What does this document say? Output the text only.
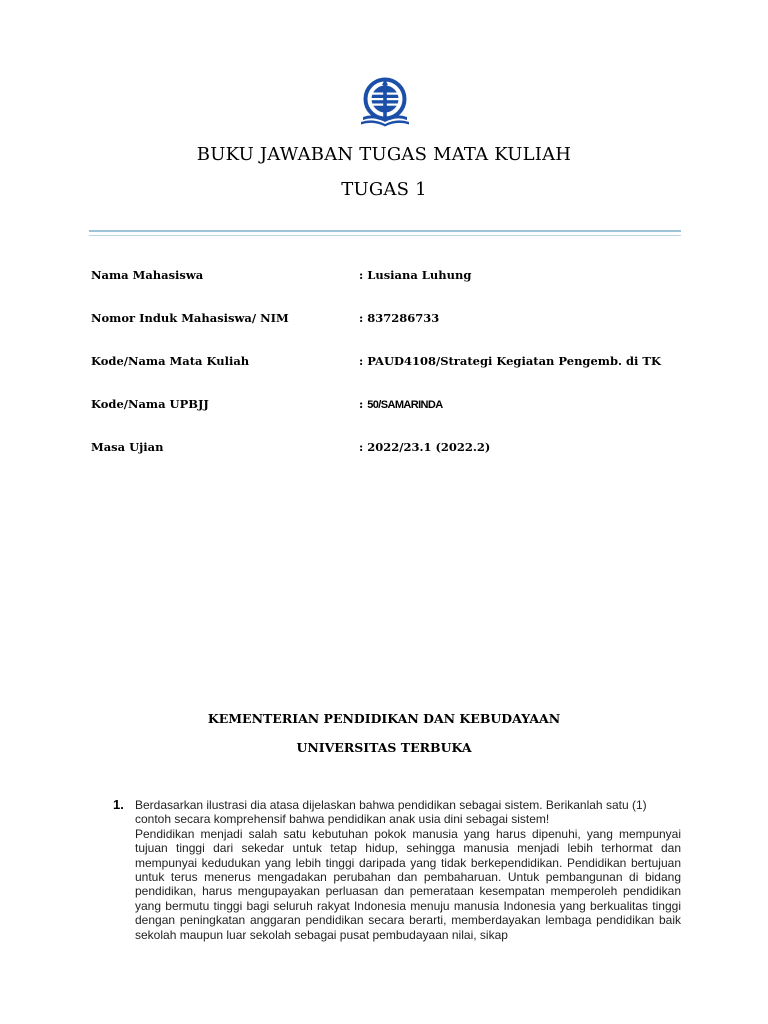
BUKU JAWABAN TUGAS MATA KULIAH
TUGAS 1
Nama Mahasiswa	: Lusiana Luhung
Nomor Induk Mahasiswa/ NIM	: 837286733
Kode/Nama Mata Kuliah	: PAUD4108/Strategi Kegiatan Pengemb. di TK
Kode/Nama UPBJJ	: 50/SAMARINDA
Masa Ujian	: 2022/23.1 (2022.2)
KEMENTERIAN PENDIDIKAN DAN KEBUDAYAAN
UNIVERSITAS TERBUKA
1. Berdasarkan ilustrasi dia atasa dijelaskan bahwa pendidikan sebagai sistem. Berikanlah satu (1) contoh secara komprehensif bahwa pendidikan anak usia dini sebagai sistem!

Pendidikan menjadi salah satu kebutuhan pokok manusia yang harus dipenuhi, yang mempunyai tujuan tinggi dari sekedar untuk tetap hidup, sehingga manusia menjadi lebih terhormat dan mempunyai kedudukan yang lebih tinggi daripada yang tidak berkependidikan. Pendidikan bertujuan untuk terus menerus mengadakan perubahan dan pembaharuan. Untuk pembangunan di bidang pendidikan, harus mengupayakan perluasan dan pemerataan kesempatan memperoleh pendidikan yang bermutu tinggi bagi seluruh rakyat Indonesia menuju manusia Indonesia yang berkualitas tinggi dengan peningkatan anggaran pendidikan secara berarti, memberdayakan lembaga pendidikan baik sekolah maupun luar sekolah sebagai pusat pembudayaan nilai, sikap
